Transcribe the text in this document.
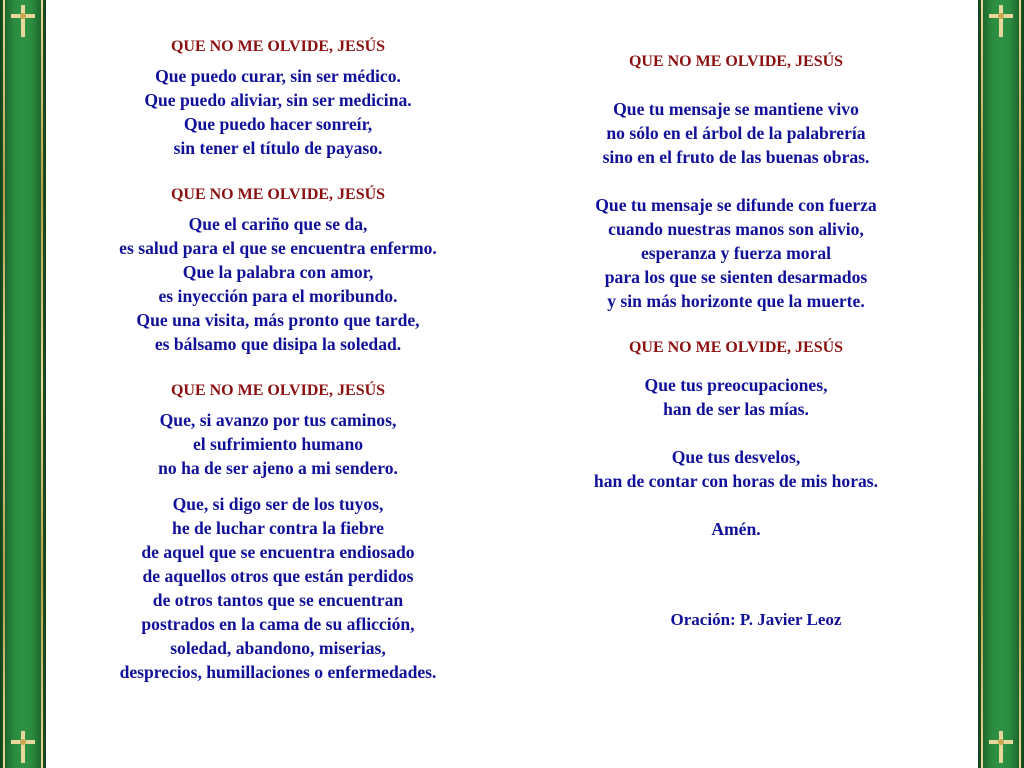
QUE NO ME OLVIDE, JESÚS
Que puedo curar, sin ser médico.
Que puedo aliviar, sin ser medicina.
Que puedo hacer sonreír,
sin tener el título de payaso.
QUE NO ME OLVIDE, JESÚS
Que el cariño que se da,
es salud para el que se encuentra enfermo.
Que la palabra con amor,
es inyección para el moribundo.
Que una visita, más pronto que tarde,
es bálsamo que disipa la soledad.
QUE NO ME OLVIDE, JESÚS
Que, si avanzo por tus caminos,
el sufrimiento humano
no ha de ser ajeno a mi sendero.
Que, si digo ser de los tuyos,
he de luchar contra la fiebre
de aquel que se encuentra endiosado
de aquellos otros que están perdidos
de otros tantos que se encuentran
postrados en la cama de su aflicción,
soledad, abandono, miserias,
desprecios, humillaciones o enfermedades.
QUE NO ME OLVIDE, JESÚS
Que tu mensaje se mantiene vivo
no sólo en el árbol de la palabrería
sino en el fruto de las buenas obras.
Que tu mensaje se difunde con fuerza
cuando nuestras manos son alivio,
esperanza y fuerza moral
para los que se sienten desarmados
y sin más horizonte que la muerte.
QUE NO ME OLVIDE, JESÚS
Que tus preocupaciones,
han de ser las mías.
Que tus desvelos,
han de contar con horas de mis horas.
Amén.
Oración: P. Javier Leoz
